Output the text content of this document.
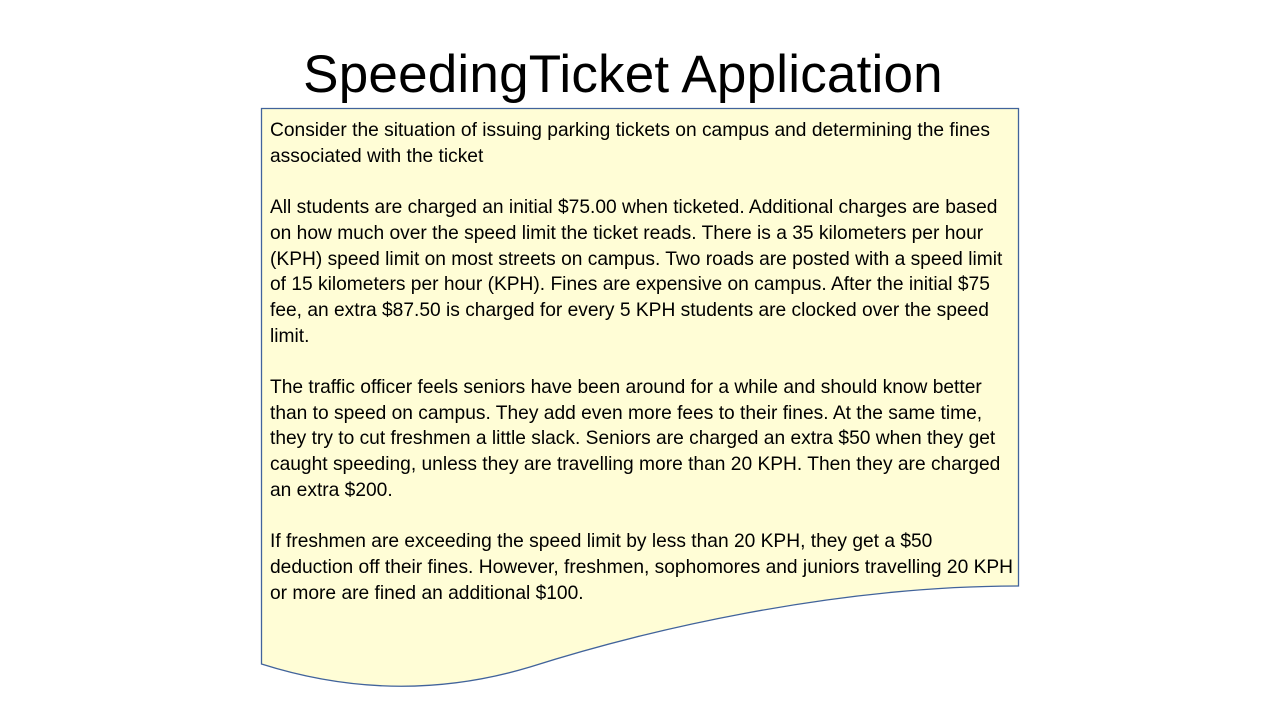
SpeedingTicket Application

Consider the situation of issuing parking tickets on campus and determining the fines associated with the ticket

All students are charged an initial $75.00 when ticketed. Additional charges are based on how much over the speed limit the ticket reads. There is a 35 kilometers per hour (KPH) speed limit on most streets on campus. Two roads are posted with a speed limit of 15 kilometers per hour (KPH). Fines are expensive on campus. After the initial $75 fee, an extra $87.50 is charged for every 5 KPH students are clocked over the speed limit.

The traffic officer feels seniors have been around for a while and should know better than to speed on campus. They add even more fees to their fines. At the same time, they try to cut freshmen a little slack. Seniors are charged an extra $50 when they get caught speeding, unless they are travelling more than 20 KPH. Then they are charged an extra $200.

If freshmen are exceeding the speed limit by less than 20 KPH, they get a $50 deduction off their fines. However, freshmen, sophomores and juniors travelling 20 KPH or more are fined an additional $100.
